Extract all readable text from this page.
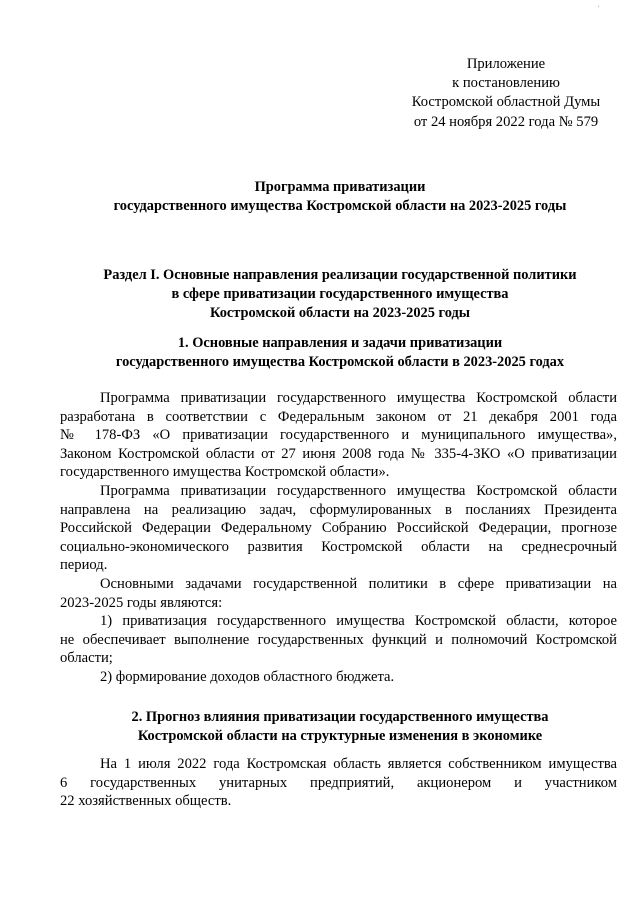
'
Приложение
к постановлению
Костромской областной Думы
от 24 ноября 2022 года № 579
Программа приватизации
государственного имущества Костромской области на 2023-2025 годы
Раздел I. Основные направления реализации государственной политики
в сфере приватизации государственного имущества
Костромской области на 2023-2025 годы
1. Основные направления и задачи приватизации
государственного имущества Костромской области в 2023-2025 годах
Программа приватизации государственного имущества Костромской области
разработана в соответствии с Федеральным законом от 21 декабря 2001 года
№ 178-ФЗ «О приватизации государственного и муниципального имущества»,
Законом Костромской области от 27 июня 2008 года № 335-4-ЗКО «О приватизации
государственного имущества Костромской области».
Программа приватизации государственного имущества Костромской области
направлена на реализацию задач, сформулированных в посланиях Президента
Российской Федерации Федеральному Собранию Российской Федерации, прогнозе
социально-экономического развития Костромской области на среднесрочный
период.
Основными задачами государственной политики в сфере приватизации на
2023-2025 годы являются:
1) приватизация государственного имущества Костромской области, которое
не обеспечивает выполнение государственных функций и полномочий Костромской
области;
2) формирование доходов областного бюджета.
2. Прогноз влияния приватизации государственного имущества
Костромской области на структурные изменения в экономике
На 1 июля 2022 года Костромская область является собственником имущества
6 государственных унитарных предприятий, акционером и участником
22 хозяйственных обществ.
